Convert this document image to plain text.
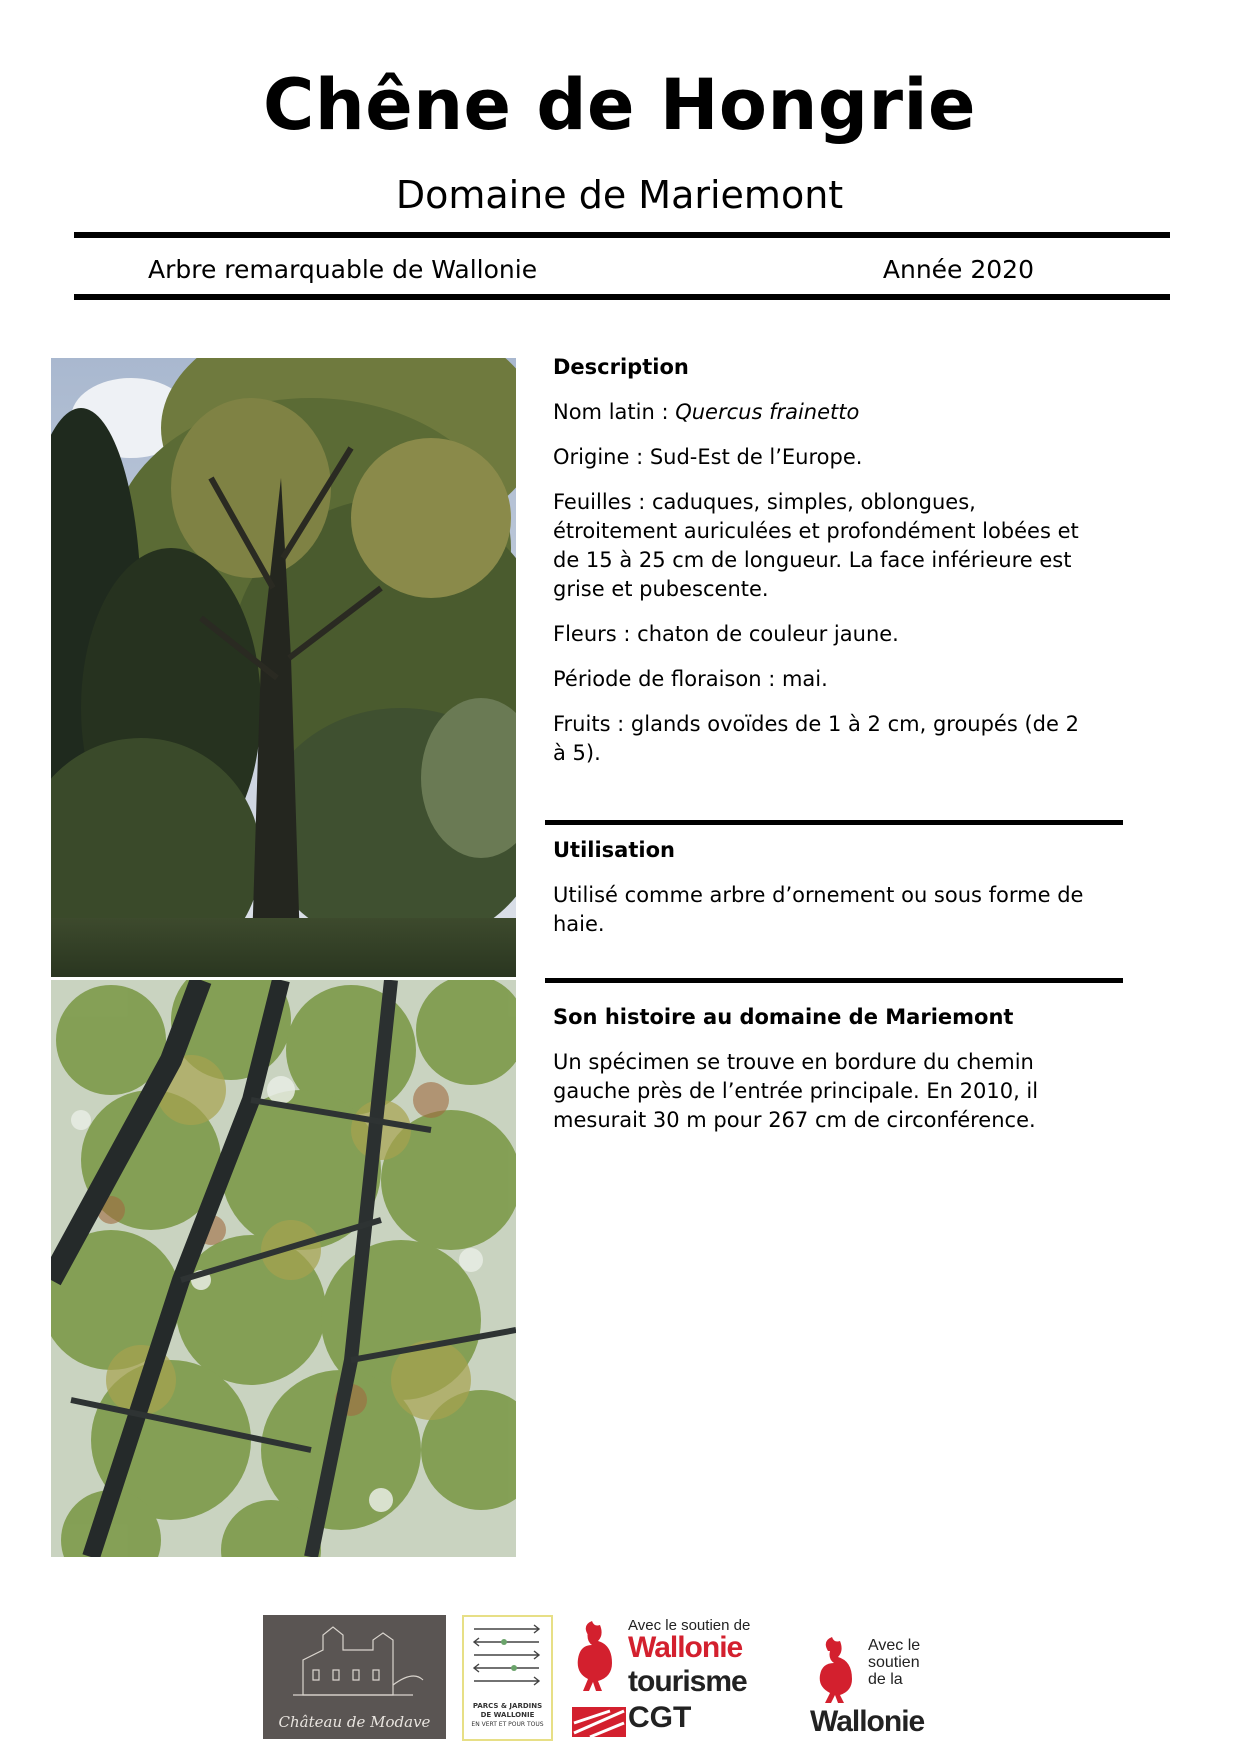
Chêne de Hongrie
Domaine de Mariemont
Arbre remarquable de Wallonie	Année 2020
Description

Nom latin : Quercus frainetto

Origine : Sud-Est de l’Europe.

Feuilles : caduques, simples, oblongues, étroitement auriculées et profondément lobées et de 15 à 25 cm de longueur. La face inférieure est grise et pubescente.

Fleurs : chaton de couleur jaune.

Période de floraison : mai.

Fruits : glands ovoïdes de 1 à 2 cm, groupés (de 2 à 5).

Utilisation

Utilisé comme arbre d’ornement ou sous forme de haie.

Son histoire au domaine de Mariemont

Un spécimen se trouve en bordure du chemin gauche près de l’entrée principale. En 2010, il mesurait 30 m pour 267 cm de circonférence.

Château de Modave
PARCS & JARDINS
DE WALLONIE
EN VERT ET POUR TOUS
Avec le soutien de
Wallonie
tourisme
CGT
Avec le
soutien
de la
Wallonie
